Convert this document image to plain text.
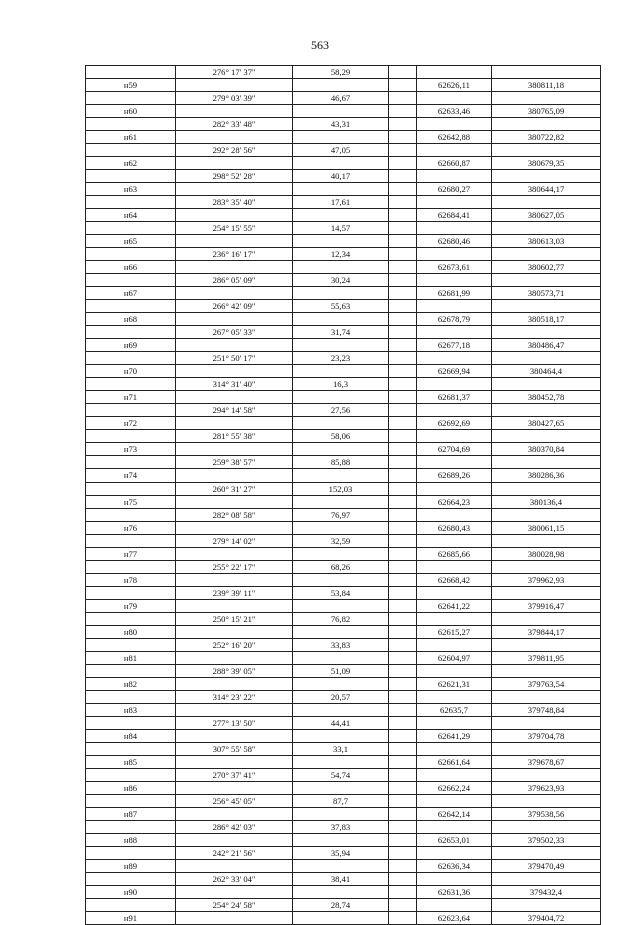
563
	276° 17' 37"	58,29			
н59				62626,11	380811,18
	279° 03' 39"	46,67			
н60				62633,46	380765,09
	282° 33' 48"	43,31			
н61				62642,88	380722,82
	292° 28' 56"	47,05			
н62				62660,87	380679,35
	298° 52' 28"	40,17			
н63				62680,27	380644,17
	283° 35' 40"	17,61			
н64				62684,41	380627,05
	254° 15' 55"	14,57			
н65				62680,46	380613,03
	236° 16' 17"	12,34			
н66				62673,61	380602,77
	286° 05' 09"	30,24			
н67				62681,99	380573,71
	266° 42' 09"	55,63			
н68				62678,79	380518,17
	267° 05' 33"	31,74			
н69				62677,18	380486,47
	251° 50' 17"	23,23			
н70				62669,94	380464,4
	314° 31' 40"	16,3			
н71				62681,37	380452,78
	294° 14' 58"	27,56			
н72				62692,69	380427,65
	281° 55' 38"	58,06			
н73				62704,69	380370,84
	259° 38' 57"	85,88			
н74				62689,26	380286,36
	260° 31' 27"	152,03			
н75				62664,23	380136,4
	282° 08' 58"	76,97			
н76				62680,43	380061,15
	279° 14' 02"	32,59			
н77				62685,66	380028,98
	255° 22' 17"	68,26			
н78				62668,42	379962,93
	239° 39' 11"	53,84			
н79				62641,22	379916,47
	250° 15' 21"	76,82			
н80				62615,27	379844,17
	252° 16' 20"	33,83			
н81				62604,97	379811,95
	288° 39' 05"	51,09			
н82				62621,31	379763,54
	314° 23' 22"	20,57			
н83				62635,7	379748,84
	277° 13' 50"	44,41			
н84				62641,29	379704,78
	307° 55' 58"	33,1			
н85				62661,64	379678,67
	270° 37' 41"	54,74			
н86				62662,24	379623,93
	256° 45' 05"	87,7			
н87				62642,14	379538,56
	286° 42' 03"	37,83			
н88				62653,01	379502,33
	242° 21' 56"	35,94			
н89				62636,34	379470,49
	262° 33' 04"	38,41			
н90				62631,36	379432,4
	254° 24' 58"	28,74			
н91				62623,64	379404,72
